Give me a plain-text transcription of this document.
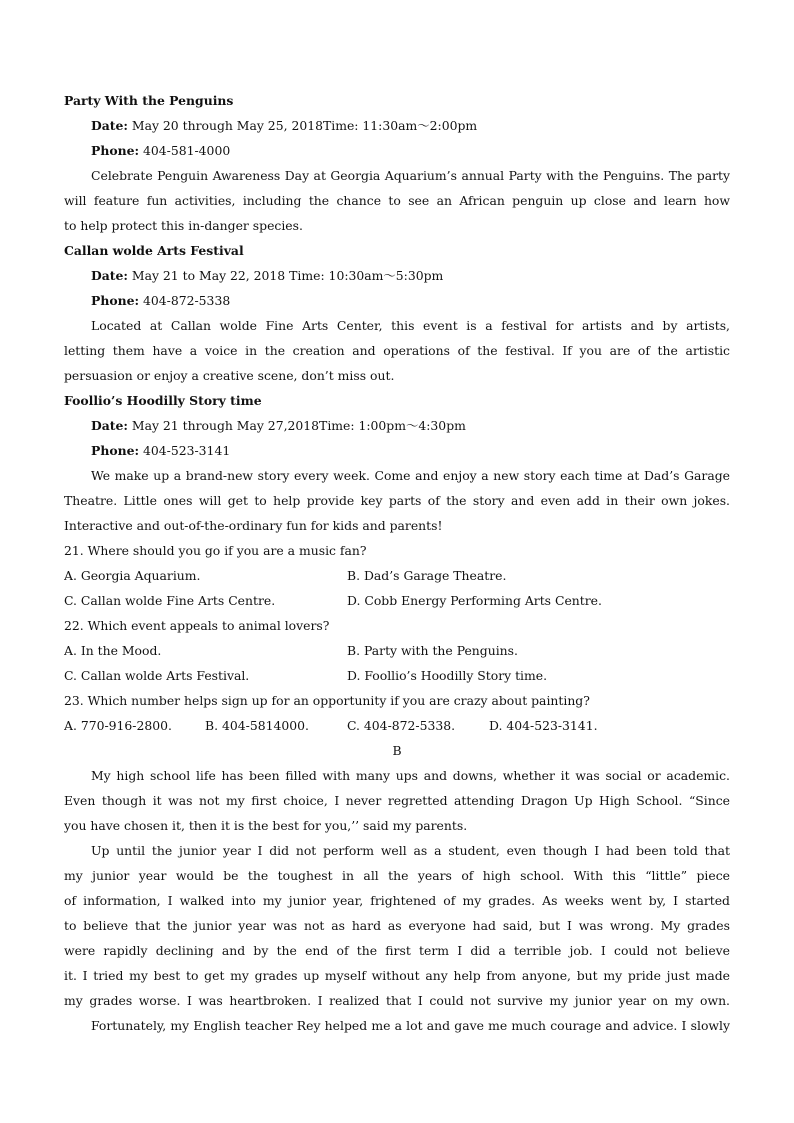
Party With the Penguins
Date: May 20 through May 25, 2018Time: 11:30am〜2:00pm
Phone: 404-581-4000
Celebrate Penguin Awareness Day at Georgia Aquarium’s annual Party with the Penguins. The party
will feature fun activities, including the chance to see an African penguin up close and learn how
to help protect this in-danger species.
Callan wolde Arts Festival
Date: May 21 to May 22, 2018 Time: 10:30am〜5:30pm
Phone: 404-872-5338
Located at Callan wolde Fine Arts Center, this event is a festival for artists and by artists,
letting them have a voice in the creation and operations of the festival. If you are of the artistic
persuasion or enjoy a creative scene, don’t miss out.
Foollio’s Hoodilly Story time
Date: May 21 through May 27,2018Time: 1:00pm〜4:30pm
Phone: 404-523-3141
We make up a brand-new story every week. Come and enjoy a new story each time at Dad’s Garage
Theatre. Little ones will get to help provide key parts of the story and even add in their own jokes.
Interactive and out-of-the-ordinary fun for kids and parents!
21. Where should you go if you are a music fan?
A. Georgia Aquarium.	B. Dad’s Garage Theatre.
C. Callan wolde Fine Arts Centre.	D. Cobb Energy Performing Arts Centre.
22. Which event appeals to animal lovers?
A. In the Mood.	B. Party with the Penguins.
C. Callan wolde Arts Festival.	D. Foollio’s Hoodilly Story time.
23. Which number helps sign up for an opportunity if you are crazy about painting?
A. 770-916-2800.	B. 404-5814000.	C. 404-872-5338.	D. 404-523-3141.
B
My high school life has been filled with many ups and downs, whether it was social or academic.
Even though it was not my first choice, I never regretted attending Dragon Up High School. “Since
you have chosen it, then it is the best for you,’’ said my parents.
Up until the junior year I did not perform well as a student, even though I had been told that
my junior year would be the toughest in all the years of high school. With this “little” piece
of information, I walked into my junior year, frightened of my grades. As weeks went by, I started
to believe that the junior year was not as hard as everyone had said, but I was wrong. My grades
were rapidly declining and by the end of the first term I did a terrible job. I could not believe
it. I tried my best to get my grades up myself without any help from anyone, but my pride just made
my grades worse. I was heartbroken. I realized that I could not survive my junior year on my own.
Fortunately, my English teacher Rey helped me a lot and gave me much courage and advice. I slowly
